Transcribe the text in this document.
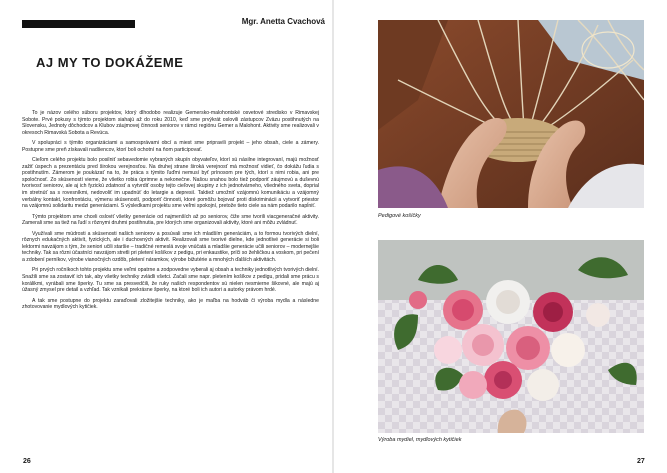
Mgr. Anetta Cvachová
AJ MY TO DOKÁŽEME

To je názov celého súboru projektov, ktorý dlhodobo realizuje Gemersko-malohontské osvetové stredisko v Rimavskej Sobote. Prvé pokusy s týmto projektom siahajú až do roku 2010, keď sme prvýkrát oslovili zástupcov Zväzu postihnutých na Slovensku, Jednoty dôchodcov a Klubov záujmovej činnosti seniorov v rámci regiónu Gemer a Malohont. Aktivity sme realizovali v okresoch Rimavská Sobota a Revúca.

V spolupráci s týmito organizáciami a samosprávami obcí a miest sme pripravili projekt – jeho obsah, ciele a zámery. Postupne sme preň získavali nadšencov, ktorí boli ochotní na ňom participovať.

Cieľom celého projektu bolo posilniť sebavedomie vybraných skupín obyvateľov, ktorí sú násilne integrovaní, majú možnosť zažiť úspech a prezentáciu pred širokou verejnosťou. Na druhej strane široká verejnosť má možnosť vidieť, čo dokážu ľudia s postihnutím. Zámerom je poukázať na to, že práca s týmito ľuďmi nemusí byť prínosom pre tých, ktorí s nimi robia, ani pre spoločnosť. Zo skúseností vieme, že všetko robia úprimne a nekonečne. Našou snahou bolo tiež podporiť záujmovú a duševnú tvorivosť seniorov, ale aj ich fyzickú zdatnosť a vytvrdiť osoby tejto cieľovej skupiny z ich jednotvárneho, všedného sveta, doprial im stretnúť sa s rovesníkmi, nedovoliť im upadnúť do letargie a depresií. Taktiež umožniť vzájomnú komunikáciu a vzájomný verbálny kontakt, konfrontáciu, výmenu skúseností, podporiť činnosti, ktoré pomôžu bojovať proti diskriminácii a vytvoriť priestor na vzájomnú solidaritu medzi generáciami. S výsledkami projektu sme veľmi spokojní, pretože tieto ciele sa nám podarilo napĺniť.

Týmto projektom sme chceli osloviť všetky generácie od najmenších až po seniorov, čiže sme tvorili viacgeneračné aktivity. Zamerali sme sa tiež na ľudí s rôznymi druhmi postihnutia, pre ktorých sme organizovali aktivity, ktoré ani môžu zvládnuť.

Využívali sme múdrosti a skúsenosti našich seniorov a posúvali sme ich mladším generáciám, a to formou tvorivých dielní, rôznych edukačných aktivít, fyzických, ale i duchovných aktivít. Realizovali sme tvorivé dielne, kde jednotlivé generácie si boli lektormi navzájom s tým, že seniori učili staršie – tradičné remeslá svoje vnúčatá a mladšie generácie učili seniorov – modernejšie techniky. Tak sa rôzni účastníci navzájom stretli pri pletení košíkov z pedigu, pri enkaustike, príči so žehličkou a voskom, pri pečení a zdobení perníkov, výrobe vianočných ozdôb, pletení náramkov, výrobe bižutérie a mnohých ďalších aktivitách.

Pri prvých ročníkoch tohto projektu sme veľmi opatrne a zodpovedne vyberali aj obsah a techniky jednotlivých tvorivých dielní. Snažili sme sa zostaviť ich tak, aby všetky techniky zvládli všetci. Začali sme napr. pletením košíkov z pedigu, pridali sme prácu s korálikmi, vyrábali sme šperky. Tu sme sa presvedčili, že ruky našich respondentov sú nielen nesmierne šikovné, ale majú aj úžasný zmysel pre detail a vzhľad. Tak vznikali prekrásne šperky, na ktoré boli ich autori a autorky právom hrdé.

A tak sme postupne do projektu zaraďovali zložitejšie techniky, ako je maľba na hodváb či výroba mydla a následne zhotovovanie mydlových kytičiek.

26
Pedigové košíčky
Výroba mydiel, mydlových kytičiek
27
